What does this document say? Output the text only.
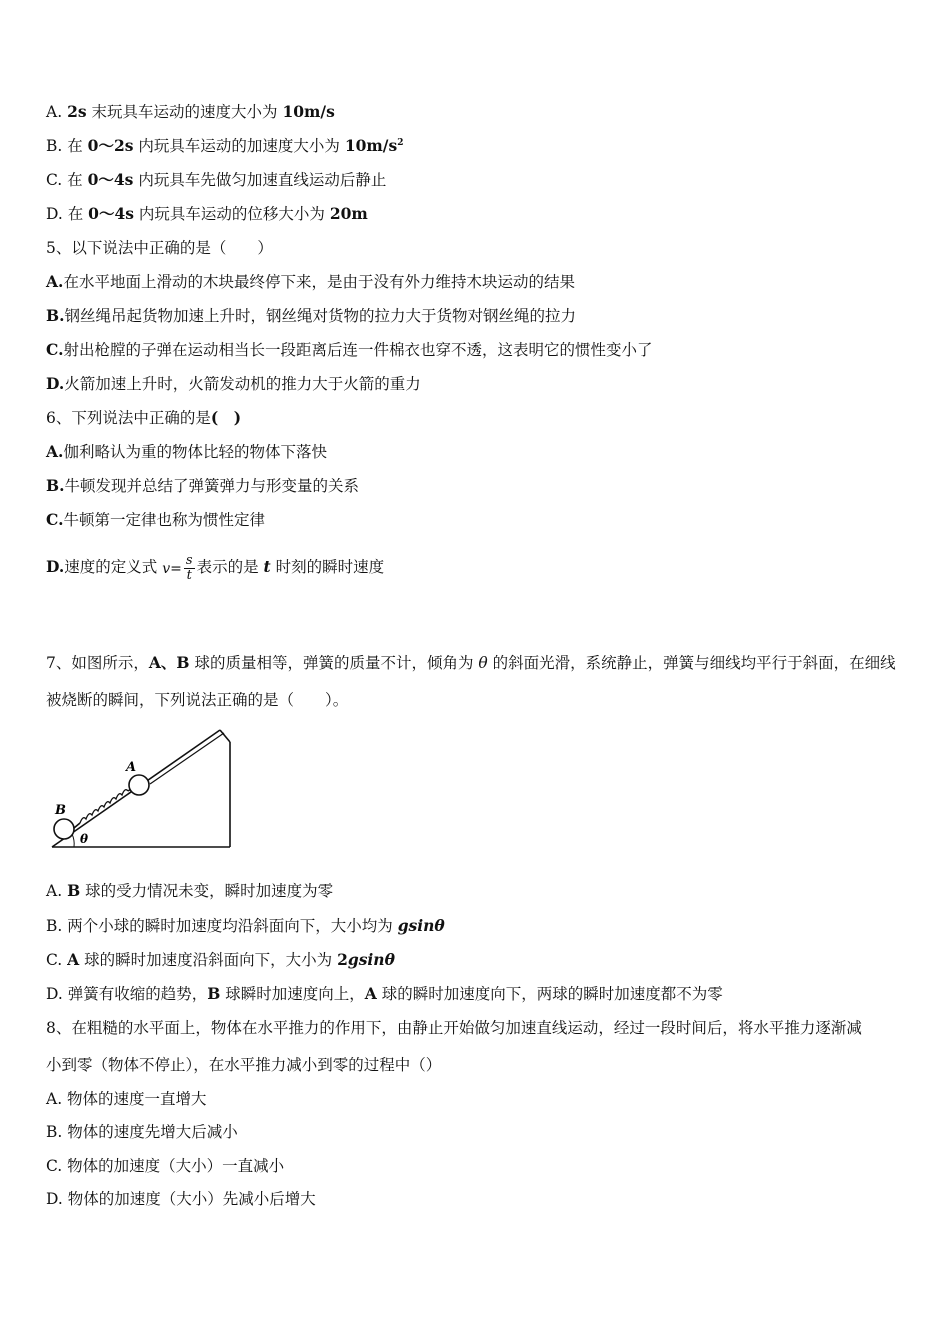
A. 2s 末玩具车运动的速度大小为 10m/s
B. 在 0～2s 内玩具车运动的加速度大小为 $10m/s^2$
C. 在 0～4s 内玩具车先做匀加速直线运动后静止
D. 在 0～4s 内玩具车运动的位移大小为 20m
5、以下说法中正确的是（　　）
A.在水平地面上滑动的木块最终停下来，是由于没有外力维持木块运动的结果
B.钢丝绳吊起货物加速上升时，钢丝绳对货物的拉力大于货物对钢丝绳的拉力
C.射出枪膛的子弹在运动相当长一段距离后连一件棉衣也穿不透，这表明它的惯性变小了
D.火箭加速上升时，火箭发动机的推力大于火箭的重力
6、下列说法中正确的是(　)
A.伽利略认为重的物体比轻的物体下落快
B.牛顿发现并总结了弹簧弹力与形变量的关系
C.牛顿第一定律也称为惯性定律
D.速度的定义式 $v= \frac{s}{t}$ 表示的是 t 时刻的瞬时速度
7、如图所示，A、B 球的质量相等，弹簧的质量不计，倾角为 θ 的斜面光滑，系统静止，弹簧与细线均平行于斜面，在细线
被烧断的瞬间，下列说法正确的是（　　）。
A
B
θ
A. B 球的受力情况未变，瞬时加速度为零
B. 两个小球的瞬时加速度均沿斜面向下，大小均为 gsinθ
C. A 球的瞬时加速度沿斜面向下，大小为 2gsinθ
D. 弹簧有收缩的趋势，B 球瞬时加速度向上，A 球的瞬时加速度向下，两球的瞬时加速度都不为零
8、在粗糙的水平面上，物体在水平推力的作用下，由静止开始做匀加速直线运动，经过一段时间后，将水平推力逐渐减
小到零（物体不停止），在水平推力减小到零的过程中（）
A. 物体的速度一直增大
B. 物体的速度先增大后减小
C. 物体的加速度（大小）一直减小
D. 物体的加速度（大小）先减小后增大
